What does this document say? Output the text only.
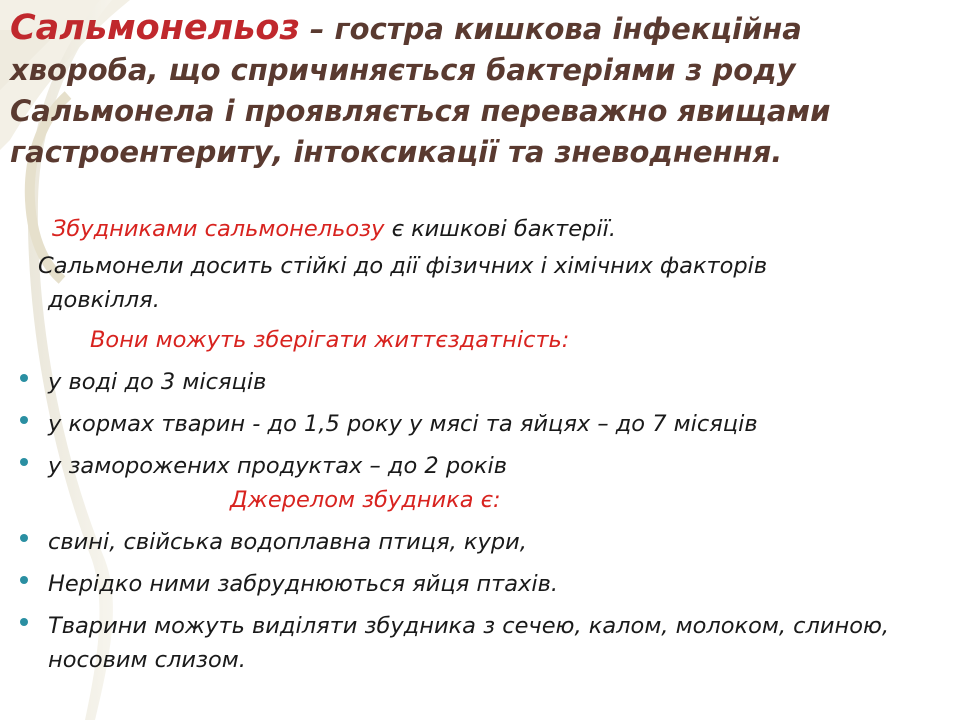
Сальмонельоз – гостра кишкова інфекційна хвороба, що спричиняється бактеріями з роду Сальмонела і проявляється переважно явищами гастроентериту, інтоксикації та зневоднення.

Збудниками сальмонельозу є кишкові бактерії.

Сальмонели досить стійкі до дії фізичних і хімічних факторів
довкілля.

Вони можуть зберігати життєздатність:

у воді до 3 місяців
у кормах тварин - до 1,5 року у мясі та яйцях – до 7 місяців
у заморожених продуктах – до 2 років

Джерелом збудника є:

свині, свійська водоплавна птиця, кури,
Нерідко ними забруднюються яйця птахів.
Тварини можуть виділяти збудника з сечею, калом, молоком, слиною, носовим слизом.
